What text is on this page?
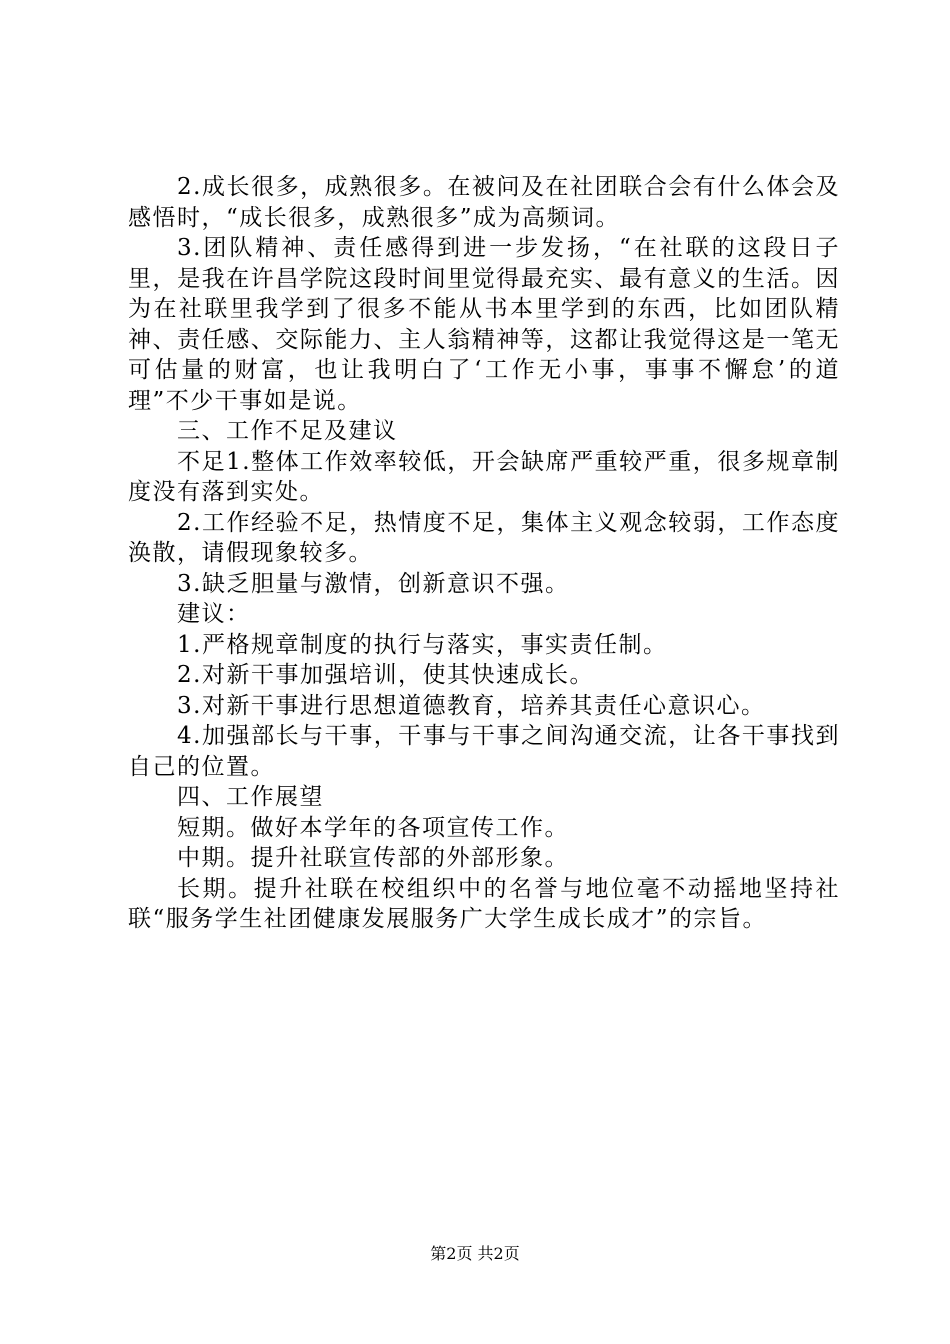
2.成长很多，成熟很多。在被问及在社团联合会有什么体会及感悟时，“成长很多，成熟很多”成为高频词。

3.团队精神、责任感得到进一步发扬，“在社联的这段日子里，是我在许昌学院这段时间里觉得最充实、最有意义的生活。因为在社联里我学到了很多不能从书本里学到的东西，比如团队精神、责任感、交际能力、主人翁精神等，这都让我觉得这是一笔无可估量的财富，也让我明白了‘工作无小事，事事不懈怠’的道理”不少干事如是说。

三、工作不足及建议

不足1.整体工作效率较低，开会缺席严重较严重，很多规章制度没有落到实处。

2.工作经验不足，热情度不足，集体主义观念较弱，工作态度涣散，请假现象较多。

3.缺乏胆量与激情，创新意识不强。

建议：

1.严格规章制度的执行与落实，事实责任制。

2.对新干事加强培训，使其快速成长。

3.对新干事进行思想道德教育，培养其责任心意识心。

4.加强部长与干事，干事与干事之间沟通交流，让各干事找到自己的位置。

四、工作展望

短期。做好本学年的各项宣传工作。

中期。提升社联宣传部的外部形象。

长期。提升社联在校组织中的名誉与地位毫不动摇地坚持社联“服务学生社团健康发展服务广大学生成长成才”的宗旨。

第2页 共2页
